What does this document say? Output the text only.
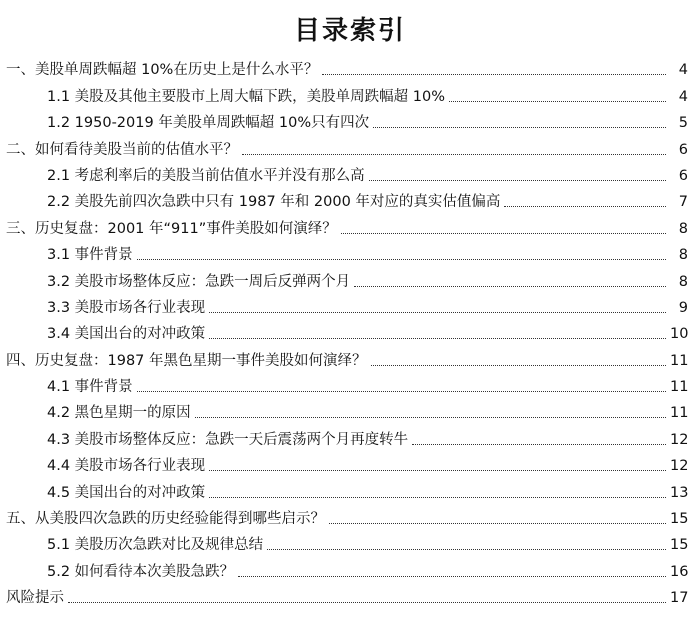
目录索引
一、美股单周跌幅超 10%在历史上是什么水平？	4
1.1 美股及其他主要股市上周大幅下跌，美股单周跌幅超 10%	4
1.2 1950-2019 年美股单周跌幅超 10%只有四次	5
二、如何看待美股当前的估值水平？	6
2.1 考虑利率后的美股当前估值水平并没有那么高	6
2.2 美股先前四次急跌中只有 1987 年和 2000 年对应的真实估值偏高	7
三、历史复盘：2001 年“911”事件美股如何演绎？	8
3.1 事件背景	8
3.2 美股市场整体反应：急跌一周后反弹两个月	8
3.3 美股市场各行业表现	9
3.4 美国出台的对冲政策	10
四、历史复盘：1987 年黑色星期一事件美股如何演绎？	11
4.1 事件背景	11
4.2 黑色星期一的原因	11
4.3 美股市场整体反应：急跌一天后震荡两个月再度转牛	12
4.4 美股市场各行业表现	12
4.5 美国出台的对冲政策	13
五、从美股四次急跌的历史经验能得到哪些启示？	15
5.1 美股历次急跌对比及规律总结	15
5.2 如何看待本次美股急跌？	16
风险提示	17
